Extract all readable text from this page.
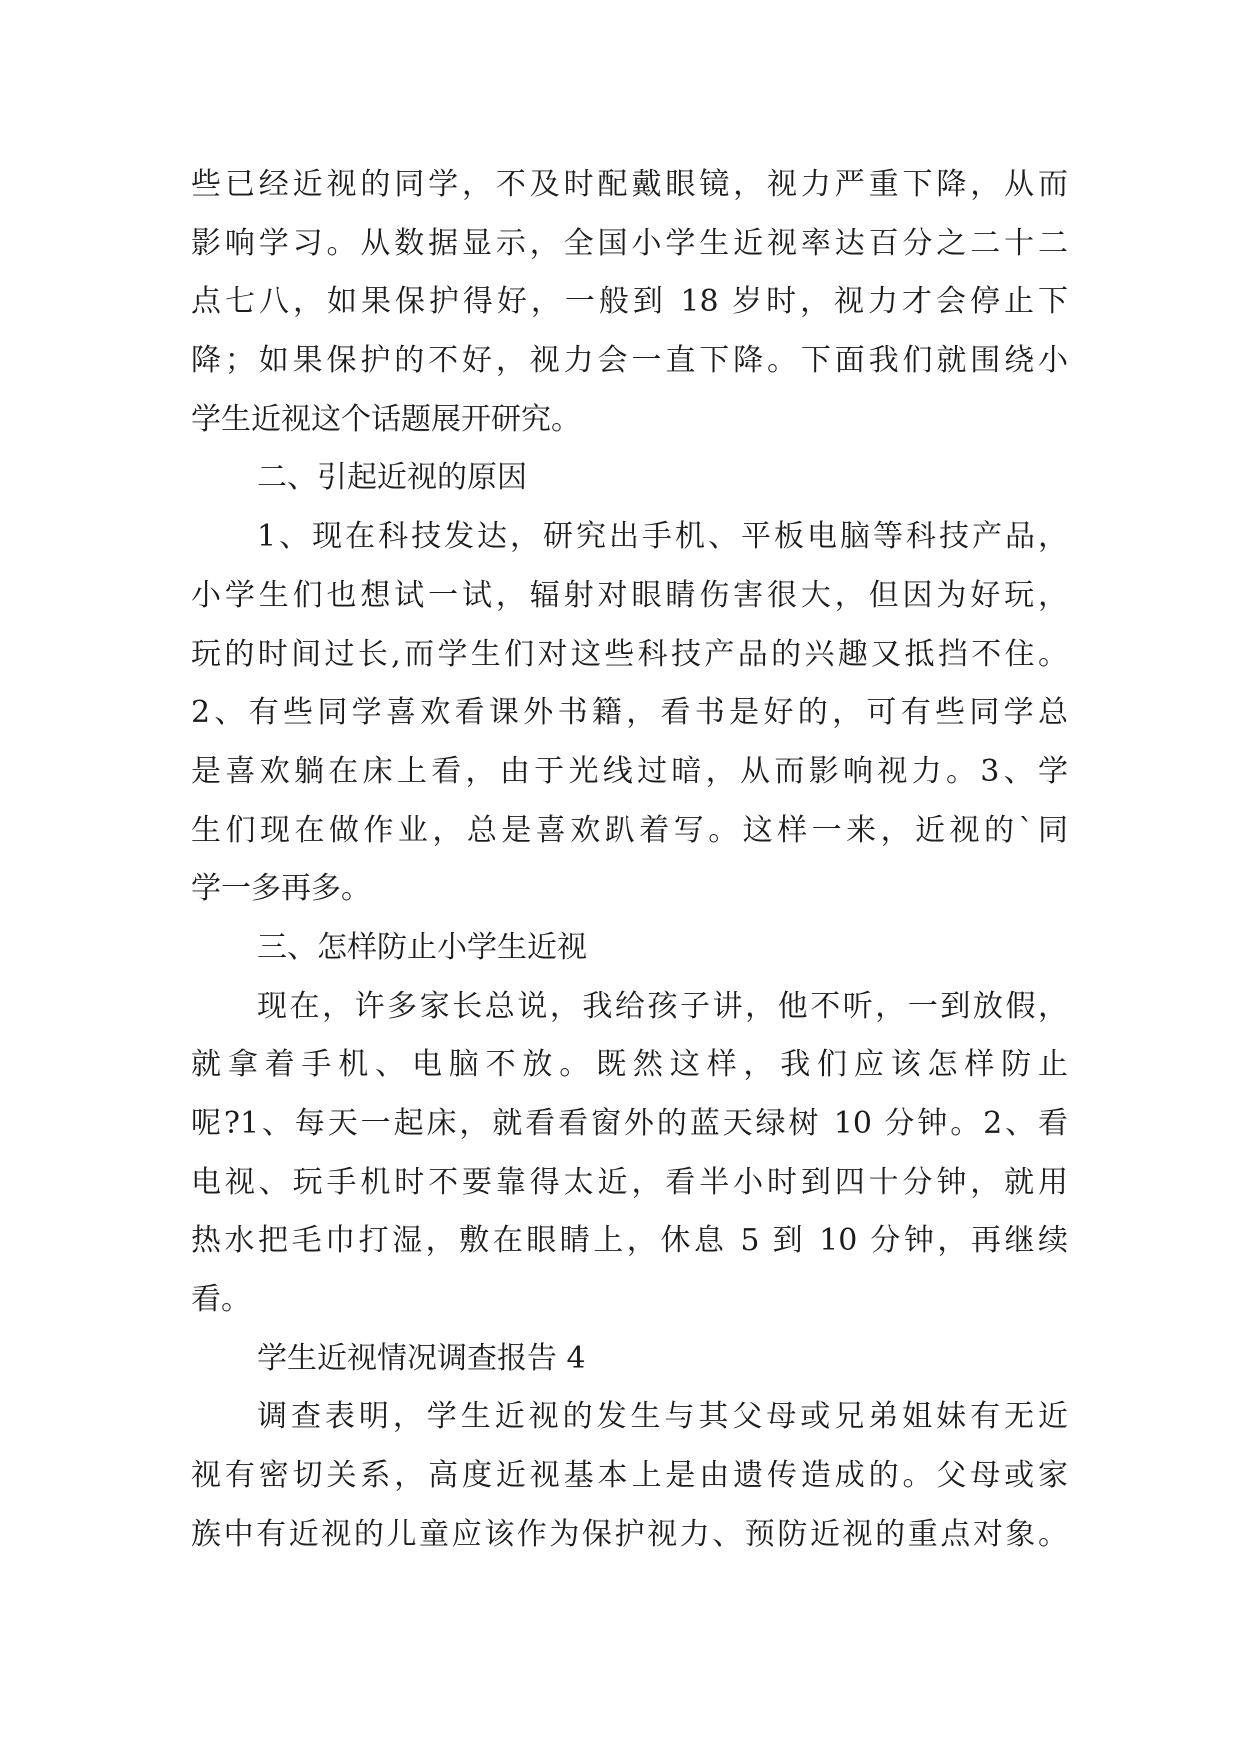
些已经近视的同学，不及时配戴眼镜，视力严重下降，从而
影响学习。从数据显示，全国小学生近视率达百分之二十二
点七八，如果保护得好，一般到 18 岁时，视力才会停止下
降；如果保护的不好，视力会一直下降。下面我们就围绕小
学生近视这个话题展开研究。
二、引起近视的原因
1、现在科技发达，研究出手机、平板电脑等科技产品，
小学生们也想试一试，辐射对眼睛伤害很大，但因为好玩，
玩的时间过长,而学生们对这些科技产品的兴趣又抵挡不住。
2、有些同学喜欢看课外书籍，看书是好的，可有些同学总
是喜欢躺在床上看，由于光线过暗，从而影响视力。3、学
生们现在做作业，总是喜欢趴着写。这样一来，近视的`同
学一多再多。
三、怎样防止小学生近视
现在，许多家长总说，我给孩子讲，他不听，一到放假，
就拿着手机、电脑不放。既然这样，我们应该怎样防止
呢?1、每天一起床，就看看窗外的蓝天绿树 10 分钟。2、看
电视、玩手机时不要靠得太近，看半小时到四十分钟，就用
热水把毛巾打湿，敷在眼睛上，休息 5 到 10 分钟，再继续
看。
学生近视情况调查报告 4
调查表明，学生近视的发生与其父母或兄弟姐妹有无近
视有密切关系，高度近视基本上是由遗传造成的。父母或家
族中有近视的儿童应该作为保护视力、预防近视的重点对象。
